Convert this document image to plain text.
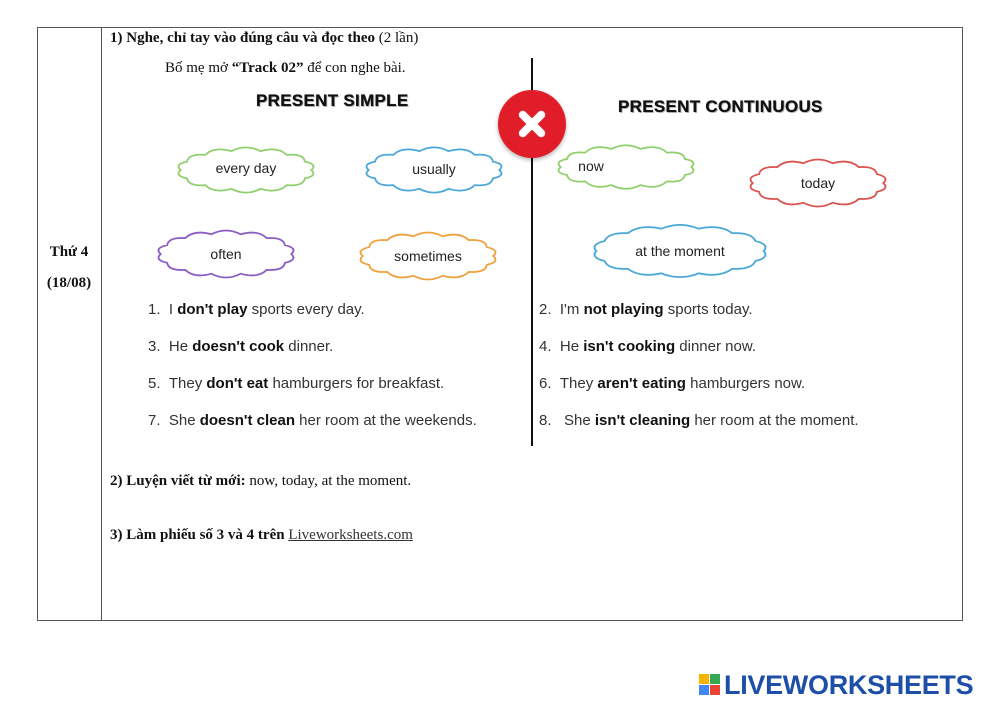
Thứ 4
(18/08)
1) Nghe, chỉ tay vào đúng câu và đọc theo (2 lần)
Bố mẹ mở “Track 02” để con nghe bài.
PRESENT SIMPLE	PRESENT CONTINUOUS
every day	usually
often	sometimes
now
today
at the moment
1. I don't play sports every day.
3. He doesn't cook dinner.
5. They don't eat hamburgers for breakfast.
7. She doesn't clean her room at the weekends.
2. I'm not playing sports today.
4. He isn't cooking dinner now.
6. They aren't eating hamburgers now.
8.   She isn't cleaning her room at the moment.
2) Luyện viết từ mới: now, today, at the moment.
3) Làm phiếu số 3 và 4 trên Liveworksheets.com
LIVEWORKSHEETS
